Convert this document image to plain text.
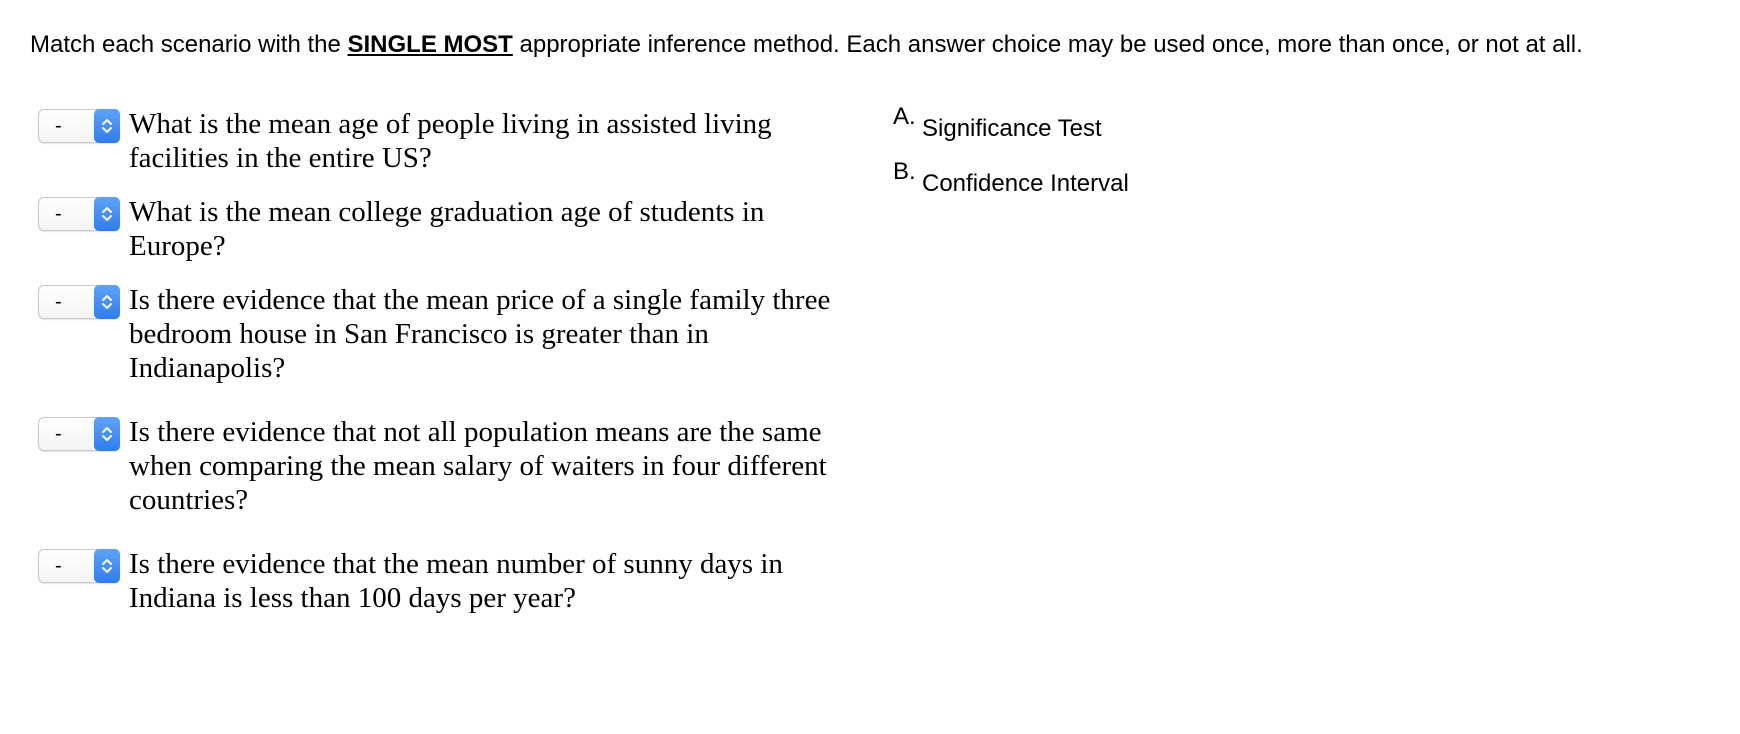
Match each scenario with the SINGLE MOST appropriate inference method. Each answer choice may be used once, more than once, or not at all.
- What is the mean age of people living in assisted living facilities in the entire US?
- What is the mean college graduation age of students in Europe?
- Is there evidence that the mean price of a single family three bedroom house in San Francisco is greater than in Indianapolis?
- Is there evidence that not all population means are the same when comparing the mean salary of waiters in four different countries?
- Is there evidence that the mean number of sunny days in Indiana is less than 100 days per year?
A. Significance Test
B. Confidence Interval
